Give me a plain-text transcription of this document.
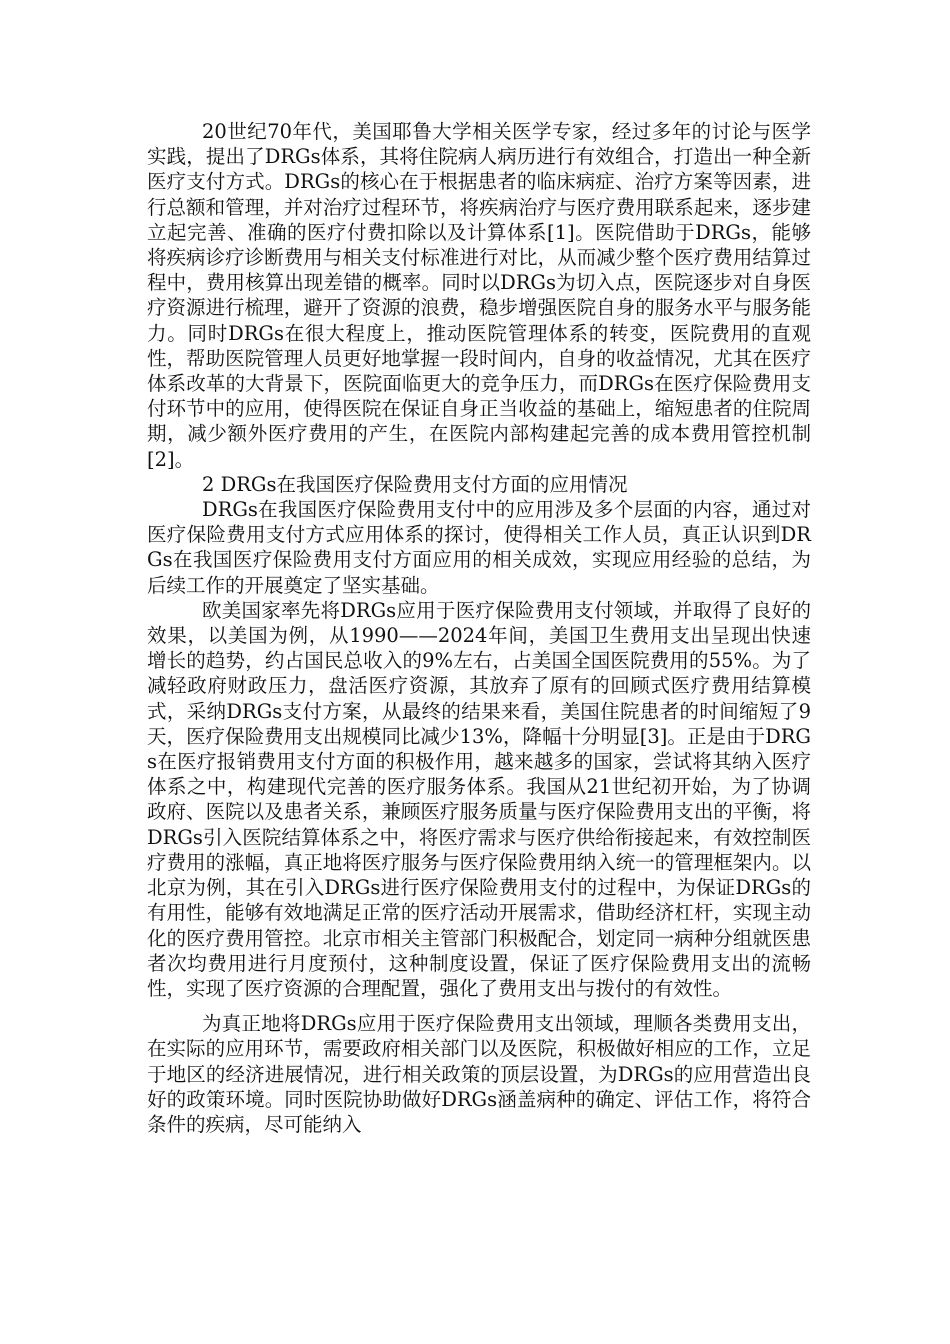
20世纪70年代，美国耶鲁大学相关医学专家，经过多年的讨论与医学实践，提出了DRGs体系，其将住院病人病历进行有效组合，打造出一种全新医疗支付方式。DRGs的核心在于根据患者的临床病症、治疗方案等因素，进行总额和管理，并对治疗过程环节，将疾病治疗与医疗费用联系起来，逐步建立起完善、准确的医疗付费扣除以及计算体系[1]。医院借助于DRGs，能够将疾病诊疗诊断费用与相关支付标准进行对比，从而减少整个医疗费用结算过程中，费用核算出现差错的概率。同时以DRGs为切入点，医院逐步对自身医疗资源进行梳理，避开了资源的浪费，稳步增强医院自身的服务水平与服务能力。同时DRGs在很大程度上，推动医院管理体系的转变，医院费用的直观性，帮助医院管理人员更好地掌握一段时间内，自身的收益情况，尤其在医疗体系改革的大背景下，医院面临更大的竞争压力，而DRGs在医疗保险费用支付环节中的应用，使得医院在保证自身正当收益的基础上，缩短患者的住院周期，减少额外医疗费用的产生，在医院内部构建起完善的成本费用管控机制[2]。

2 DRGs在我国医疗保险费用支付方面的应用情况

DRGs在我国医疗保险费用支付中的应用涉及多个层面的内容，通过对医疗保险费用支付方式应用体系的探讨，使得相关工作人员，真正认识到DRGs在我国医疗保险费用支付方面应用的相关成效，实现应用经验的总结，为后续工作的开展奠定了坚实基础。

欧美国家率先将DRGs应用于医疗保险费用支付领域，并取得了良好的效果，以美国为例，从1990——2024年间，美国卫生费用支出呈现出快速增长的趋势，约占国民总收入的9%左右，占美国全国医院费用的55%。为了减轻政府财政压力，盘活医疗资源，其放弃了原有的回顾式医疗费用结算模式，采纳DRGs支付方案，从最终的结果来看，美国住院患者的时间缩短了9天，医疗保险费用支出规模同比减少13%，降幅十分明显[3]。正是由于DRGs在医疗报销费用支付方面的积极作用，越来越多的国家，尝试将其纳入医疗体系之中，构建现代完善的医疗服务体系。我国从21世纪初开始，为了协调政府、医院以及患者关系，兼顾医疗服务质量与医疗保险费用支出的平衡，将DRGs引入医院结算体系之中，将医疗需求与医疗供给衔接起来，有效控制医疗费用的涨幅，真正地将医疗服务与医疗保险费用纳入统一的管理框架内。以北京为例，其在引入DRGs进行医疗保险费用支付的过程中，为保证DRGs的有用性，能够有效地满足正常的医疗活动开展需求，借助经济杠杆，实现主动化的医疗费用管控。北京市相关主管部门积极配合，划定同一病种分组就医患者次均费用进行月度预付，这种制度设置，保证了医疗保险费用支出的流畅性，实现了医疗资源的合理配置，强化了费用支出与拨付的有效性。

为真正地将DRGs应用于医疗保险费用支出领域，理顺各类费用支出，在实际的应用环节，需要政府相关部门以及医院，积极做好相应的工作，立足于地区的经济进展情况，进行相关政策的顶层设置，为DRGs的应用营造出良好的政策环境。同时医院协助做好DRGs涵盖病种的确定、评估工作，将符合条件的疾病，尽可能纳入
